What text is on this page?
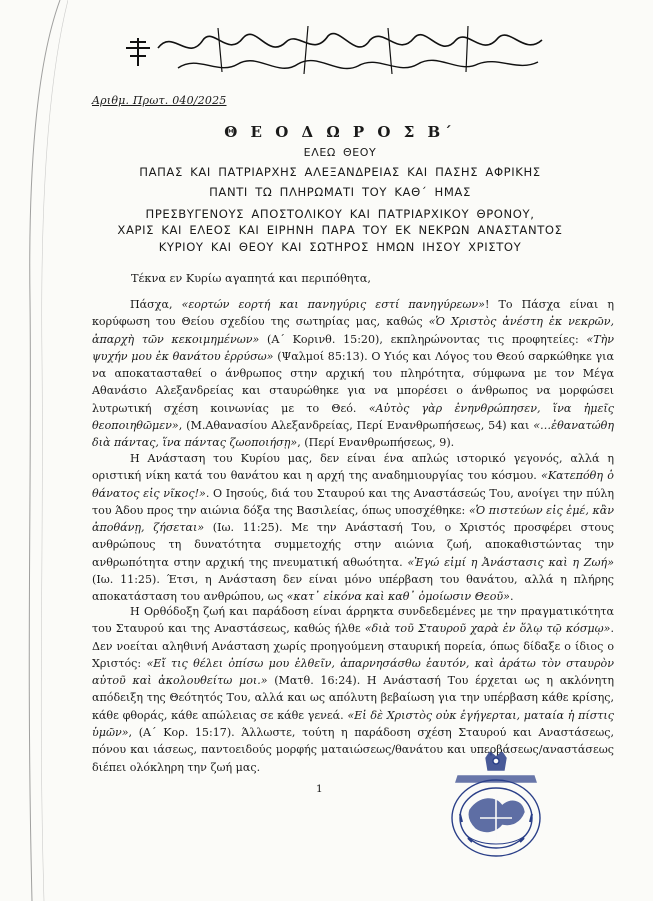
Αριθμ. Πρωτ. 040/2025
Θ Ε Ο Δ Ω Ρ Ο Σ Β΄
ΕΛΕΩ ΘΕΟΥ
ΠΑΠΑΣ ΚΑΙ ΠΑΤΡΙΑΡΧΗΣ ΑΛΕΞΑΝΔΡΕΙΑΣ ΚΑΙ ΠΑΣΗΣ ΑΦΡΙΚΗΣ
ΠΑΝΤΙ ΤΩ ΠΛΗΡΩΜΑΤΙ ΤΟΥ ΚΑΘ΄ ΗΜΑΣ
ΠΡΕΣΒΥΓΕΝΟΥΣ ΑΠΟΣΤΟΛΙΚΟΥ ΚΑΙ ΠΑΤΡΙΑΡΧΙΚΟΥ ΘΡΟΝΟΥ,
ΧΑΡΙΣ ΚΑΙ ΕΛΕΟΣ ΚΑΙ ΕΙΡΗΝΗ ΠΑΡΑ ΤΟΥ ΕΚ ΝΕΚΡΩΝ ΑΝΑΣΤΑΝΤΟΣ
ΚΥΡΙΟΥ ΚΑΙ ΘΕΟΥ ΚΑΙ ΣΩΤΗΡΟΣ ΗΜΩΝ ΙΗΣΟΥ ΧΡΙΣΤΟΥ
Τέκνα εν Κυρίω αγαπητά και περιπόθητα,

Πάσχα, «εορτών εορτή και πανηγύρις εστί πανηγύρεων»! Το Πάσχα είναι η κορύφωση του Θείου σχεδίου της σωτηρίας μας, καθώς «Ὁ Χριστὸς ἀνέστη ἐκ νεκρῶν, ἀπαρχὴ τῶν κεκοιμημένων» (Α΄ Κορινθ. 15:20), εκπληρώνοντας τις προφητείες: «Τὴν ψυχήν μου ἐκ θανάτου ἐρρύσω» (Ψαλμοί 85:13). Ο Υιός και Λόγος του Θεού σαρκώθηκε για να αποκατασταθεί ο άνθρωπος στην αρχική του πληρότητα, σύμφωνα με τον Μέγα Αθανάσιο Αλεξανδρείας και σταυρώθηκε για να μπορέσει ο άνθρωπος να μορφώσει λυτρωτική σχέση κοινωνίας με το Θεό. «Αὐτὸς γὰρ ἐνηνθρώπησεν, ἵνα ἡμεῖς θεοποιηθῶμεν», (Μ.Αθανασίου Αλεξανδρείας, Περί Ενανθρωπήσεως, 54) και «…ἐθανατώθη διὰ πάντας, ἵνα πάντας ζωοποιήσῃ», (Περί Ενανθρωπήσεως, 9).

Η Ανάσταση του Κυρίου μας, δεν είναι ένα απλώς ιστορικό γεγονός, αλλά η οριστική νίκη κατά του θανάτου και η αρχή της αναδημιουργίας του κόσμου. «Κατεπόθη ὁ θάνατος εἰς νῖκος!». Ο Ιησούς, διά του Σταυρού και της Αναστάσεώς Του, ανοίγει την πύλη του Άδου προς την αιώνια δόξα της Βασιλείας, όπως υποσχέθηκε: «Ὁ πιστεύων εἰς ἐμέ, κἂν ἀποθάνῃ, ζήσεται» (Ιω. 11:25). Με την Ανάστασή Του, ο Χριστός προσφέρει στους ανθρώπους τη δυνατότητα συμμετοχής στην αιώνια ζωή, αποκαθιστώντας την ανθρωπότητα στην αρχική της πνευματική αθωότητα. «Ἐγώ εἰμί η Ἀνάστασις καὶ η Ζωή» (Ιω. 11:25). Έτσι, η Ανάσταση δεν είναι μόνο υπέρβαση του θανάτου, αλλά η πλήρης αποκατάσταση του ανθρώπου, ως «κατ᾽ εἰκόνα καὶ καθ᾽ ὁμοίωσιν Θεοῦ».

Η Ορθόδοξη ζωή και παράδοση είναι άρρηκτα συνδεδεμένες με την πραγματικότητα του Σταυρού και της Αναστάσεως, καθώς ήλθε «διὰ τοῦ Σταυροῦ χαρὰ ἐν ὅλῳ τῷ κόσμῳ». Δεν νοείται αληθινή Ανάσταση χωρίς προηγούμενη σταυρική πορεία, όπως δίδαξε ο ίδιος ο Χριστός: «Εἴ τις θέλει ὀπίσω μου ἐλθεῖν, ἀπαρνησάσθω ἑαυτόν, καὶ ἀράτω τὸν σταυρὸν αὐτοῦ καὶ ἀκολουθείτω μοι.» (Ματθ. 16:24). Η Ανάστασή Του έρχεται ως η ακλόνητη απόδειξη της Θεότητός Του, αλλά και ως απόλυτη βεβαίωση για την υπέρβαση κάθε κρίσης, κάθε φθοράς, κάθε απώλειας σε κάθε γενεά. «Εἰ δὲ Χριστὸς οὐκ ἐγήγερται, ματαία ἡ πίστις ὑμῶν», (Α΄ Κορ. 15:17). Άλλωστε, τούτη η παράδοση σχέση Σταυρού και Αναστάσεως, πόνου και ιάσεως, παντοειδούς μορφής ματαιώσεως/θανάτου και υπερβάσεως/αναστάσεως διέπει ολόκληρη την ζωή μας.

1
